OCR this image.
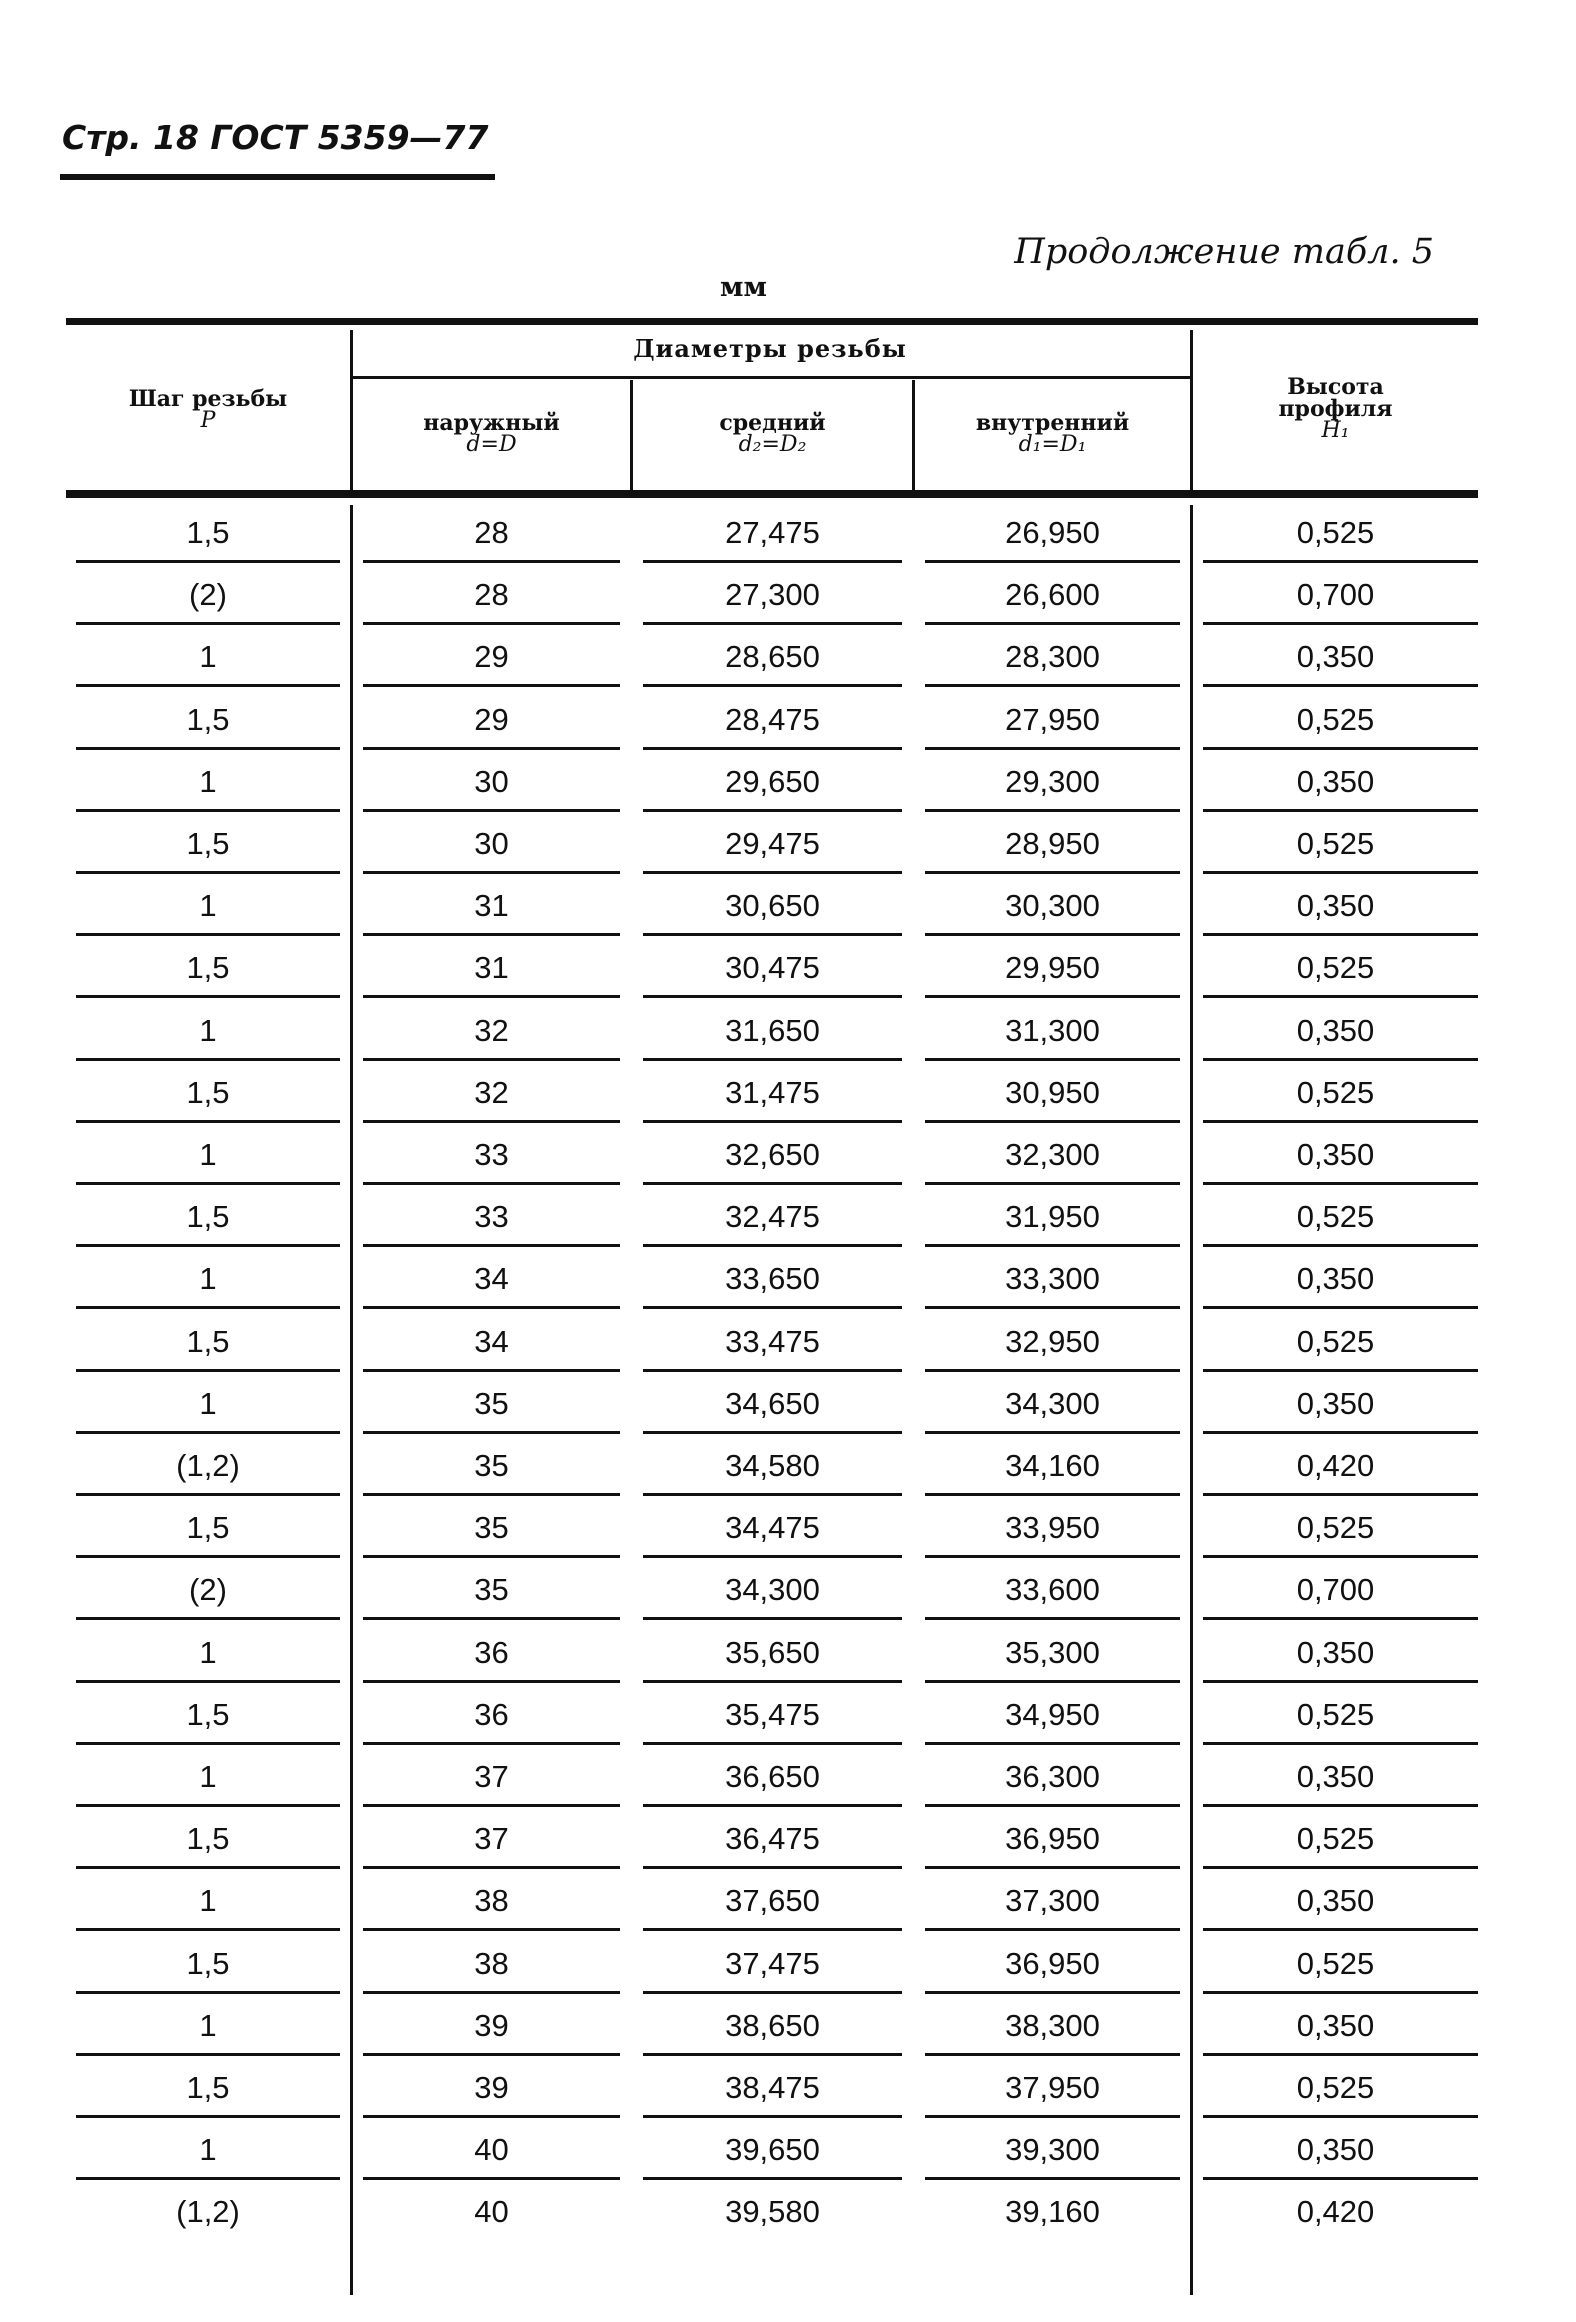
Стр. 18 ГОСТ 5359—77
Продолжение табл. 5
мм
Шаг резьбы
P
Диаметры резьбы
наружный
d=D
средний
d₂=D₂
внутренний
d₁=D₁
Высота
профиля
H₁
1,5	28	27,475	26,950	0,525
(2)	28	27,300	26,600	0,700
1	29	28,650	28,300	0,350
1,5	29	28,475	27,950	0,525
1	30	29,650	29,300	0,350
1,5	30	29,475	28,950	0,525
1	31	30,650	30,300	0,350
1,5	31	30,475	29,950	0,525
1	32	31,650	31,300	0,350
1,5	32	31,475	30,950	0,525
1	33	32,650	32,300	0,350
1,5	33	32,475	31,950	0,525
1	34	33,650	33,300	0,350
1,5	34	33,475	32,950	0,525
1	35	34,650	34,300	0,350
(1,2)	35	34,580	34,160	0,420
1,5	35	34,475	33,950	0,525
(2)	35	34,300	33,600	0,700
1	36	35,650	35,300	0,350
1,5	36	35,475	34,950	0,525
1	37	36,650	36,300	0,350
1,5	37	36,475	36,950	0,525
1	38	37,650	37,300	0,350
1,5	38	37,475	36,950	0,525
1	39	38,650	38,300	0,350
1,5	39	38,475	37,950	0,525
1	40	39,650	39,300	0,350
(1,2)	40	39,580	39,160	0,420
